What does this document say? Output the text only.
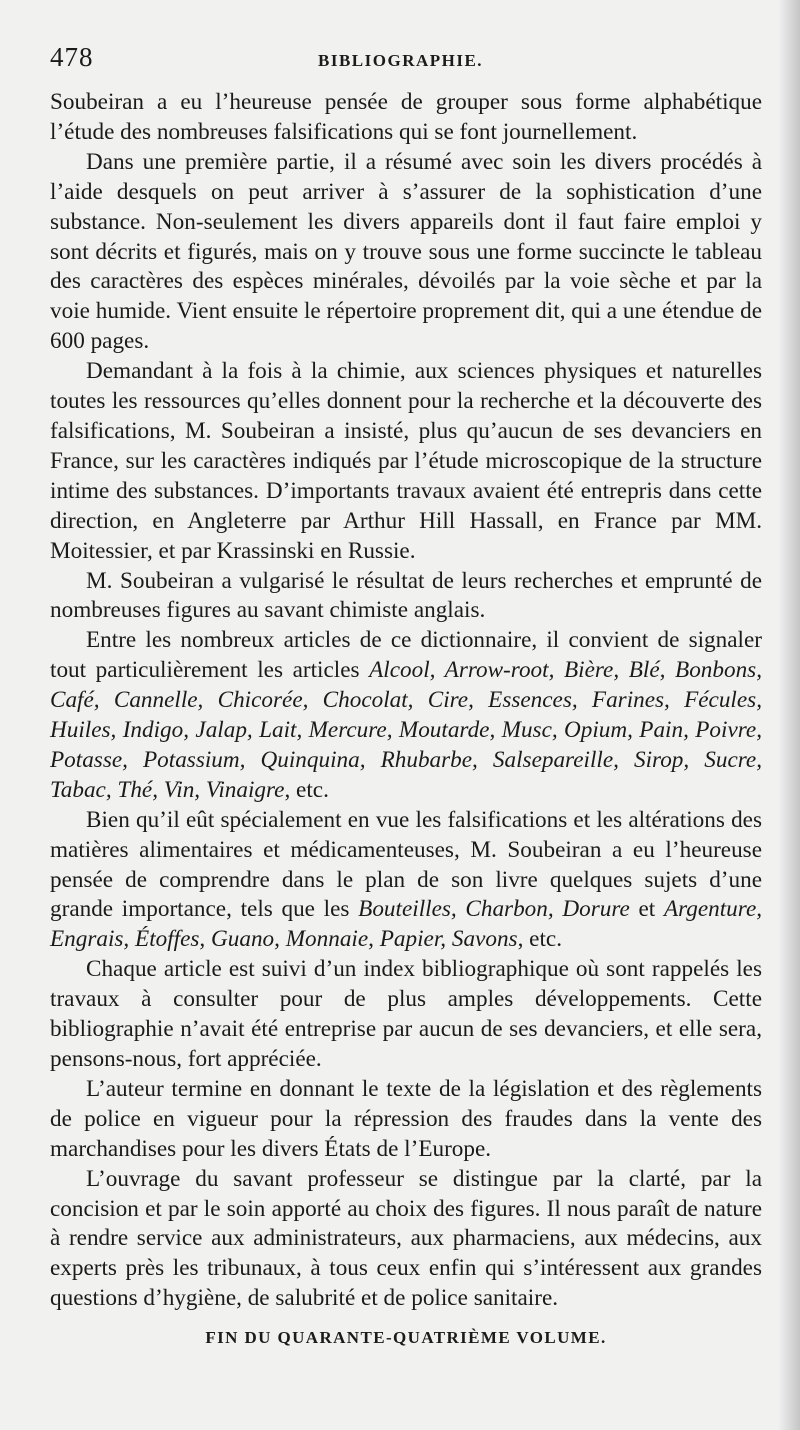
478	BIBLIOGRAPHIE.

Soubeiran a eu l’heureuse pensée de grouper sous forme alphabétique l’étude des nombreuses falsifications qui se font journellement.

Dans une première partie, il a résumé avec soin les divers procédés à l’aide desquels on peut arriver à s’assurer de la sophistication d’une substance. Non-seulement les divers appareils dont il faut faire emploi y sont décrits et figurés, mais on y trouve sous une forme succincte le tableau des caractères des espèces minérales, dévoilés par la voie sèche et par la voie humide. Vient ensuite le répertoire proprement dit, qui a une étendue de 600 pages.

Demandant à la fois à la chimie, aux sciences physiques et naturelles toutes les ressources qu’elles donnent pour la recherche et la découverte des falsifications, M. Soubeiran a insisté, plus qu’aucun de ses devanciers en France, sur les caractères indiqués par l’étude microscopique de la structure intime des substances. D’importants travaux avaient été entrepris dans cette direction, en Angleterre par Arthur Hill Hassall, en France par MM. Moitessier, et par Krassinski en Russie.

M. Soubeiran a vulgarisé le résultat de leurs recherches et emprunté de nombreuses figures au savant chimiste anglais.

Entre les nombreux articles de ce dictionnaire, il convient de signaler tout particulièrement les articles Alcool, Arrow-root, Bière, Blé, Bonbons, Café, Cannelle, Chicorée, Chocolat, Cire, Essences, Farines, Fécules, Huiles, Indigo, Jalap, Lait, Mercure, Moutarde, Musc, Opium, Pain, Poivre, Potasse, Potassium, Quinquina, Rhubarbe, Salsepareille, Sirop, Sucre, Tabac, Thé, Vin, Vinaigre, etc.

Bien qu’il eût spécialement en vue les falsifications et les altérations des matières alimentaires et médicamenteuses, M. Soubeiran a eu l’heureuse pensée de comprendre dans le plan de son livre quelques sujets d’une grande importance, tels que les Bouteilles, Charbon, Dorure et Argenture, Engrais, Étoffes, Guano, Monnaie, Papier, Savons, etc.

Chaque article est suivi d’un index bibliographique où sont rappelés les travaux à consulter pour de plus amples développements. Cette bibliographie n’avait été entreprise par aucun de ses devanciers, et elle sera, pensons-nous, fort appréciée.

L’auteur termine en donnant le texte de la législation et des règlements de police en vigueur pour la répression des fraudes dans la vente des marchandises pour les divers États de l’Europe.

L’ouvrage du savant professeur se distingue par la clarté, par la concision et par le soin apporté au choix des figures. Il nous paraît de nature à rendre service aux administrateurs, aux pharmaciens, aux médecins, aux experts près les tribunaux, à tous ceux enfin qui s’intéressent aux grandes questions d’hygiène, de salubrité et de police sanitaire.

FIN DU QUARANTE-QUATRIÈME VOLUME.
